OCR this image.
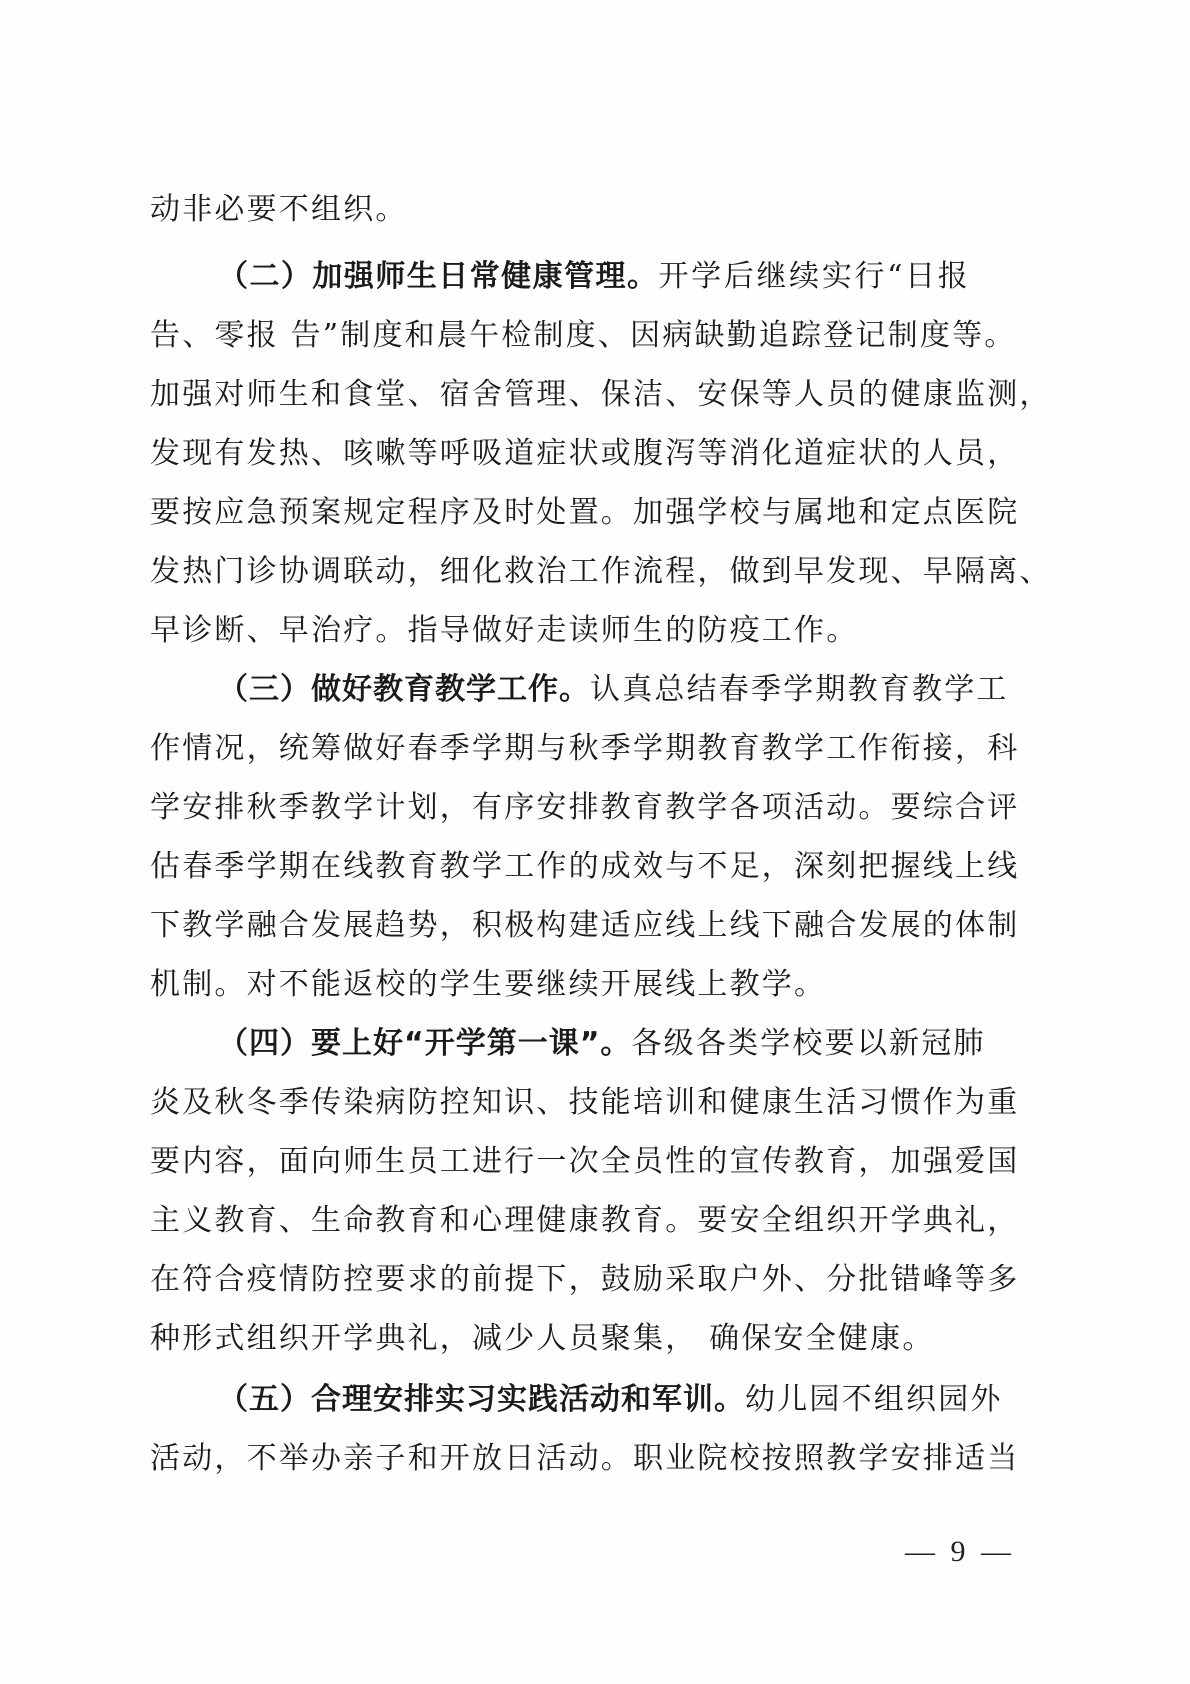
动非必要不组织。
（二）加强师生日常健康管理。开学后继续实行“日报
告、零报 告”制度和晨午检制度、因病缺勤追踪登记制度等。
加强对师生和食堂、宿舍管理、保洁、安保等人员的健康监测，
发现有发热、咳嗽等呼吸道症状或腹泻等消化道症状的人员，
要按应急预案规定程序及时处置。加强学校与属地和定点医院
发热门诊协调联动，细化救治工作流程，做到早发现、早隔离、
早诊断、早治疗。指导做好走读师生的防疫工作。
（三）做好教育教学工作。认真总结春季学期教育教学工
作情况，统筹做好春季学期与秋季学期教育教学工作衔接，科
学安排秋季教学计划，有序安排教育教学各项活动。要综合评
估春季学期在线教育教学工作的成效与不足，深刻把握线上线
下教学融合发展趋势，积极构建适应线上线下融合发展的体制
机制。对不能返校的学生要继续开展线上教学。
（四）要上好“开学第一课”。各级各类学校要以新冠肺
炎及秋冬季传染病防控知识、技能培训和健康生活习惯作为重
要内容，面向师生员工进行一次全员性的宣传教育，加强爱国
主义教育、生命教育和心理健康教育。要安全组织开学典礼，
在符合疫情防控要求的前提下，鼓励采取户外、分批错峰等多
种形式组织开学典礼，减少人员聚集， 确保安全健康。
（五）合理安排实习实践活动和军训。幼儿园不组织园外
活动，不举办亲子和开放日活动。职业院校按照教学安排适当
— 9 —
